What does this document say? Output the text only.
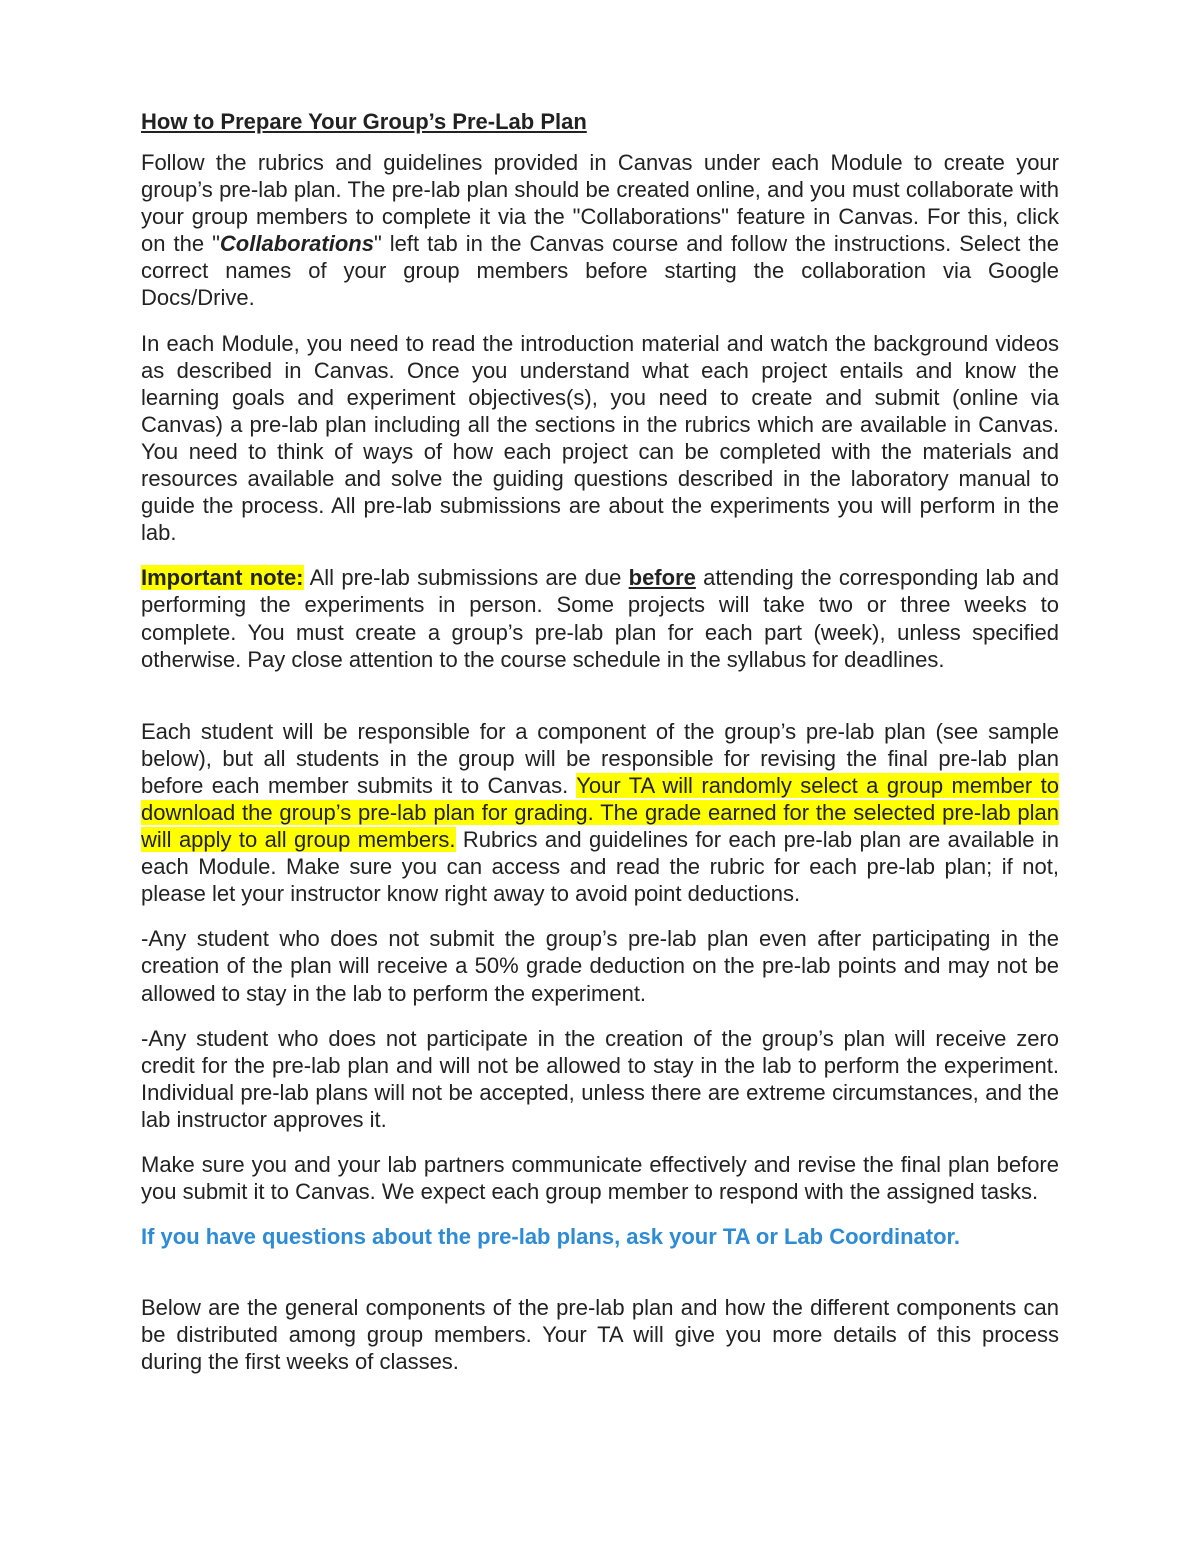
How to Prepare Your Group’s Pre-Lab Plan

Follow the rubrics and guidelines provided in Canvas under each Module to create your group’s pre-lab plan. The pre-lab plan should be created online, and you must collaborate with your group members to complete it via the "Collaborations" feature in Canvas. For this, click on the "Collaborations" left tab in the Canvas course and follow the instructions. Select the correct names of your group members before starting the collaboration via Google Docs/Drive.

In each Module, you need to read the introduction material and watch the background videos as described in Canvas. Once you understand what each project entails and know the learning goals and experiment objectives(s), you need to create and submit (online via Canvas) a pre-lab plan including all the sections in the rubrics which are available in Canvas. You need to think of ways of how each project can be completed with the materials and resources available and solve the guiding questions described in the laboratory manual to guide the process. All pre-lab submissions are about the experiments you will perform in the lab.

Important note: All pre-lab submissions are due before attending the corresponding lab and performing the experiments in person. Some projects will take two or three weeks to complete. You must create a group’s pre-lab plan for each part (week), unless specified otherwise. Pay close attention to the course schedule in the syllabus for deadlines.

Each student will be responsible for a component of the group’s pre-lab plan (see sample below), but all students in the group will be responsible for revising the final pre-lab plan before each member submits it to Canvas. Your TA will randomly select a group member to download the group’s pre-lab plan for grading. The grade earned for the selected pre-lab plan will apply to all group members. Rubrics and guidelines for each pre-lab plan are available in each Module. Make sure you can access and read the rubric for each pre-lab plan; if not, please let your instructor know right away to avoid point deductions.

-Any student who does not submit the group’s pre-lab plan even after participating in the creation of the plan will receive a 50% grade deduction on the pre-lab points and may not be allowed to stay in the lab to perform the experiment.

-Any student who does not participate in the creation of the group’s plan will receive zero credit for the pre-lab plan and will not be allowed to stay in the lab to perform the experiment. Individual pre-lab plans will not be accepted, unless there are extreme circumstances, and the lab instructor approves it.

Make sure you and your lab partners communicate effectively and revise the final plan before you submit it to Canvas. We expect each group member to respond with the assigned tasks.

If you have questions about the pre-lab plans, ask your TA or Lab Coordinator.

Below are the general components of the pre-lab plan and how the different components can be distributed among group members. Your TA will give you more details of this process during the first weeks of classes.
